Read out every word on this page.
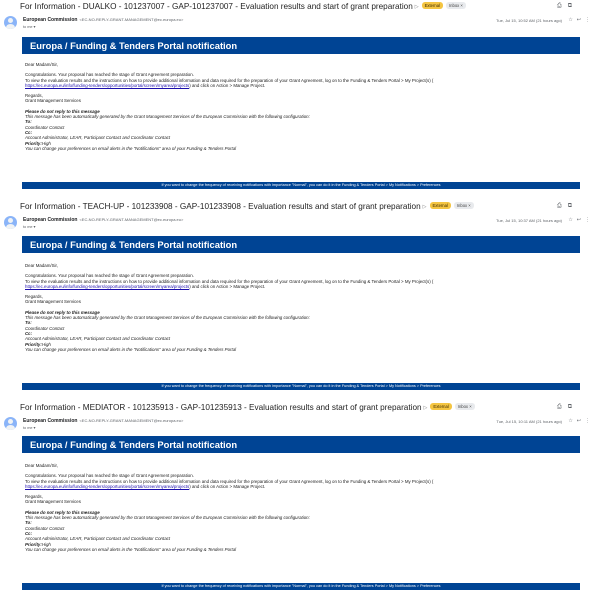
For Information - DUALKO - 101237007 - GAP-101237007 - Evaluation results and start of grant preparation ▷ External Inbox ×	⎙ ⧉
European Commission <EC-NO-REPLY-GRANT-MANAGEMENT@ec.europa.eu>
to me ▾
Tue, Jul 15, 10:52 AM (21 hours ago)	☆ ↩ ⋮
Europa / Funding & Tenders Portal notification

Dear Madam/Sir,

Congratulations. Your proposal has reached the stage of Grant Agreement preparation.

To view the evaluation results and the instructions on how to provide additional information and data required for the preparation of your Grant Agreement, log on to the Funding & Tenders Portal > My Project(s) (

https://ec.europa.eu/info/funding-tenders/opportunities/portal/screen/myarea/projects) and click on Action > Manage Project.

Regards,

Grant Management Services

Please do not reply to this message

This message has been automatically generated by the Grant Management Services of the European Commission with the following configuration:

To:

Coordinator Contact

Cc:

Account Administrator, LEAR, Participant Contact and Coordinator Contact

Priority:High

You can change your preferences on email alerts in the "Notifications" area of your Funding & Tenders Portal

If you want to change the frequency of receiving notifications with importance "Normal", you can do it in the Funding & Tenders Portal > My Notifications > Preferences
For Information - TEACH-UP - 101233908 - GAP-101233908 - Evaluation results and start of grant preparation ▷ External Inbox ×	⎙ ⧉
European Commission <EC-NO-REPLY-GRANT-MANAGEMENT@ec.europa.eu>
to me ▾
Tue, Jul 15, 10:37 AM (21 hours ago)	☆ ↩ ⋮
Europa / Funding & Tenders Portal notification

Dear Madam/Sir,

Congratulations. Your proposal has reached the stage of Grant Agreement preparation.

To view the evaluation results and the instructions on how to provide additional information and data required for the preparation of your Grant Agreement, log on to the Funding & Tenders Portal > My Project(s) (

https://ec.europa.eu/info/funding-tenders/opportunities/portal/screen/myarea/projects) and click on Action > Manage Project.

Regards,

Grant Management Services

Please do not reply to this message

This message has been automatically generated by the Grant Management Services of the European Commission with the following configuration:

To:

Coordinator Contact

Cc:

Account Administrator, LEAR, Participant Contact and Coordinator Contact

Priority:High

You can change your preferences on email alerts in the "Notifications" area of your Funding & Tenders Portal

If you want to change the frequency of receiving notifications with importance "Normal", you can do it in the Funding & Tenders Portal > My Notifications > Preferences
For Information - MEDIATOR - 101235913 - GAP-101235913 - Evaluation results and start of grant preparation ▷ External Inbox ×	⎙ ⧉
European Commission <EC-NO-REPLY-GRANT-MANAGEMENT@ec.europa.eu>
to me ▾
Tue, Jul 15, 10:11 AM (21 hours ago)	☆ ↩ ⋮
Europa / Funding & Tenders Portal notification

Dear Madam/Sir,

Congratulations. Your proposal has reached the stage of Grant Agreement preparation.

To view the evaluation results and the instructions on how to provide additional information and data required for the preparation of your Grant Agreement, log on to the Funding & Tenders Portal > My Project(s) (

https://ec.europa.eu/info/funding-tenders/opportunities/portal/screen/myarea/projects) and click on Action > Manage Project.

Regards,

Grant Management Services

Please do not reply to this message

This message has been automatically generated by the Grant Management Services of the European Commission with the following configuration:

To:

Coordinator Contact

Cc:

Account Administrator, LEAR, Participant Contact and Coordinator Contact

Priority:High

You can change your preferences on email alerts in the "Notifications" area of your Funding & Tenders Portal

If you want to change the frequency of receiving notifications with importance "Normal", you can do it in the Funding & Tenders Portal > My Notifications > Preferences
